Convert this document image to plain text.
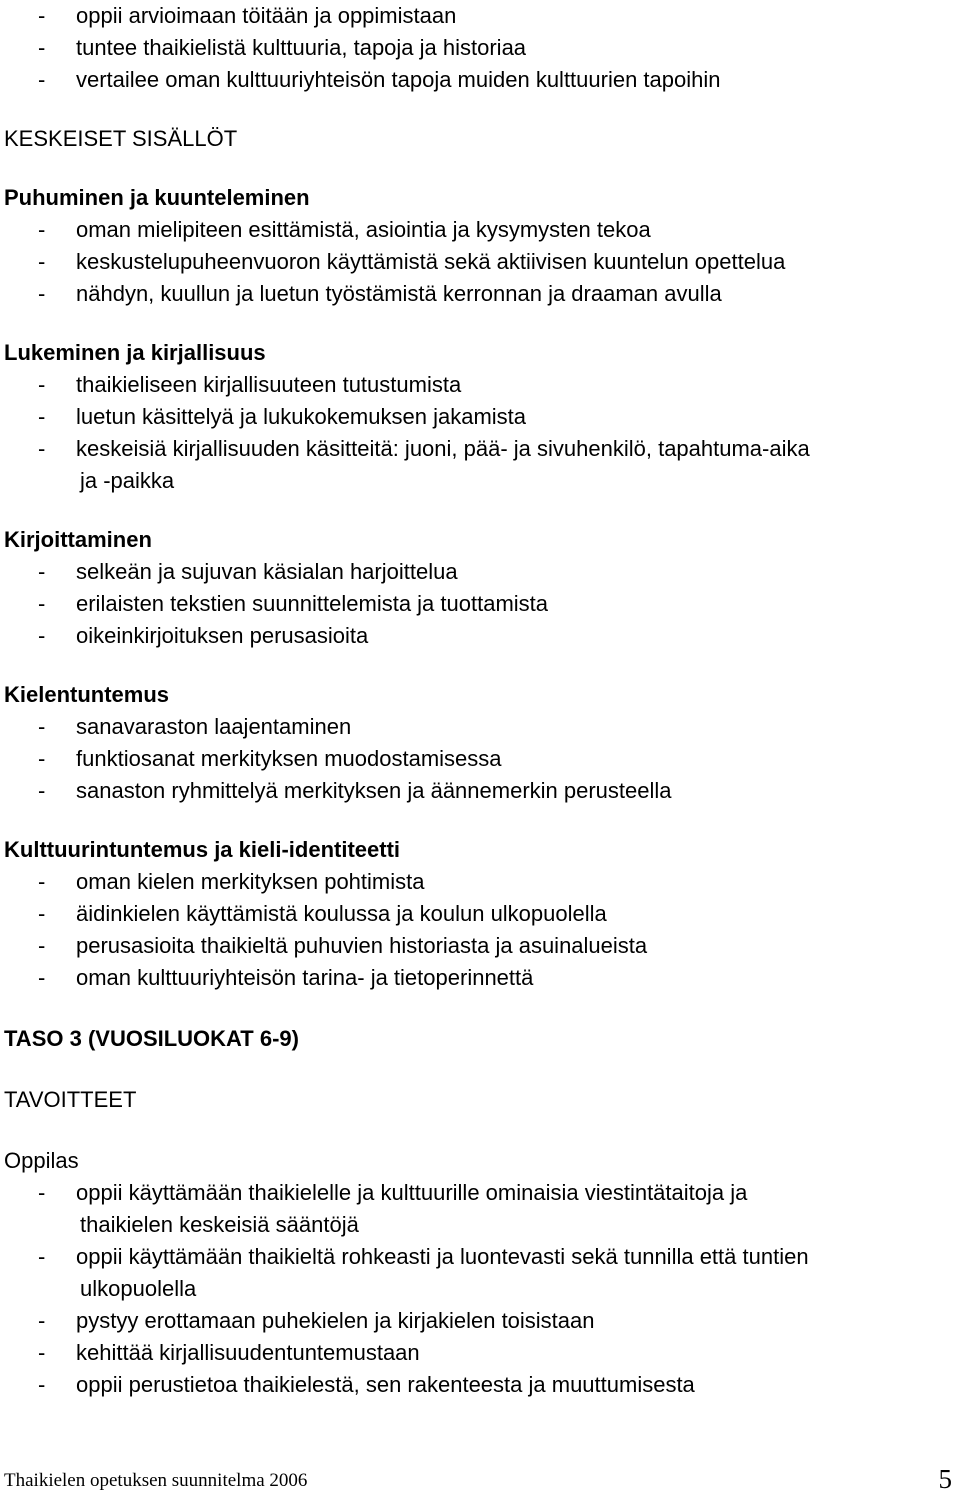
-	oppii arvioimaan töitään ja oppimistaan
-	tuntee thaikielistä kulttuuria, tapoja ja historiaa
-	vertailee oman kulttuuriyhteisön tapoja muiden kulttuurien tapoihin
KESKEISET SISÄLLÖT
Puhuminen ja kuunteleminen
-	oman mielipiteen esittämistä, asiointia ja kysymysten tekoa
-	keskustelupuheenvuoron käyttämistä sekä aktiivisen kuuntelun opettelua
-	nähdyn, kuullun ja luetun työstämistä kerronnan ja draaman avulla
Lukeminen ja kirjallisuus
-	thaikieliseen kirjallisuuteen tutustumista
-	luetun käsittelyä ja lukukokemuksen jakamista
-	keskeisiä kirjallisuuden käsitteitä: juoni, pää- ja sivuhenkilö, tapahtuma-aika
ja -paikka
Kirjoittaminen
-	selkeän ja sujuvan käsialan harjoittelua
-	erilaisten tekstien suunnittelemista ja tuottamista
-	oikeinkirjoituksen perusasioita
Kielentuntemus
-	sanavaraston laajentaminen
-	funktiosanat merkityksen muodostamisessa
-	sanaston ryhmittelyä merkityksen ja äännemerkin perusteella
Kulttuurintuntemus ja kieli-identiteetti
-	oman kielen merkityksen pohtimista
-	äidinkielen käyttämistä koulussa ja koulun ulkopuolella
-	perusasioita thaikieltä puhuvien historiasta ja asuinalueista
-	oman kulttuuriyhteisön tarina- ja tietoperinnettä
TASO 3 (VUOSILUOKAT 6-9)
TAVOITTEET
Oppilas
-	oppii käyttämään thaikielelle ja kulttuurille ominaisia viestintätaitoja ja
thaikielen keskeisiä sääntöjä
-	oppii käyttämään thaikieltä rohkeasti ja luontevasti sekä tunnilla että tuntien
ulkopuolella
-	pystyy erottamaan puhekielen ja kirjakielen toisistaan
-	kehittää kirjallisuudentuntemustaan
-	oppii perustietoa thaikielestä, sen rakenteesta ja muuttumisesta
Thaikielen opetuksen suunnitelma 2006	5
